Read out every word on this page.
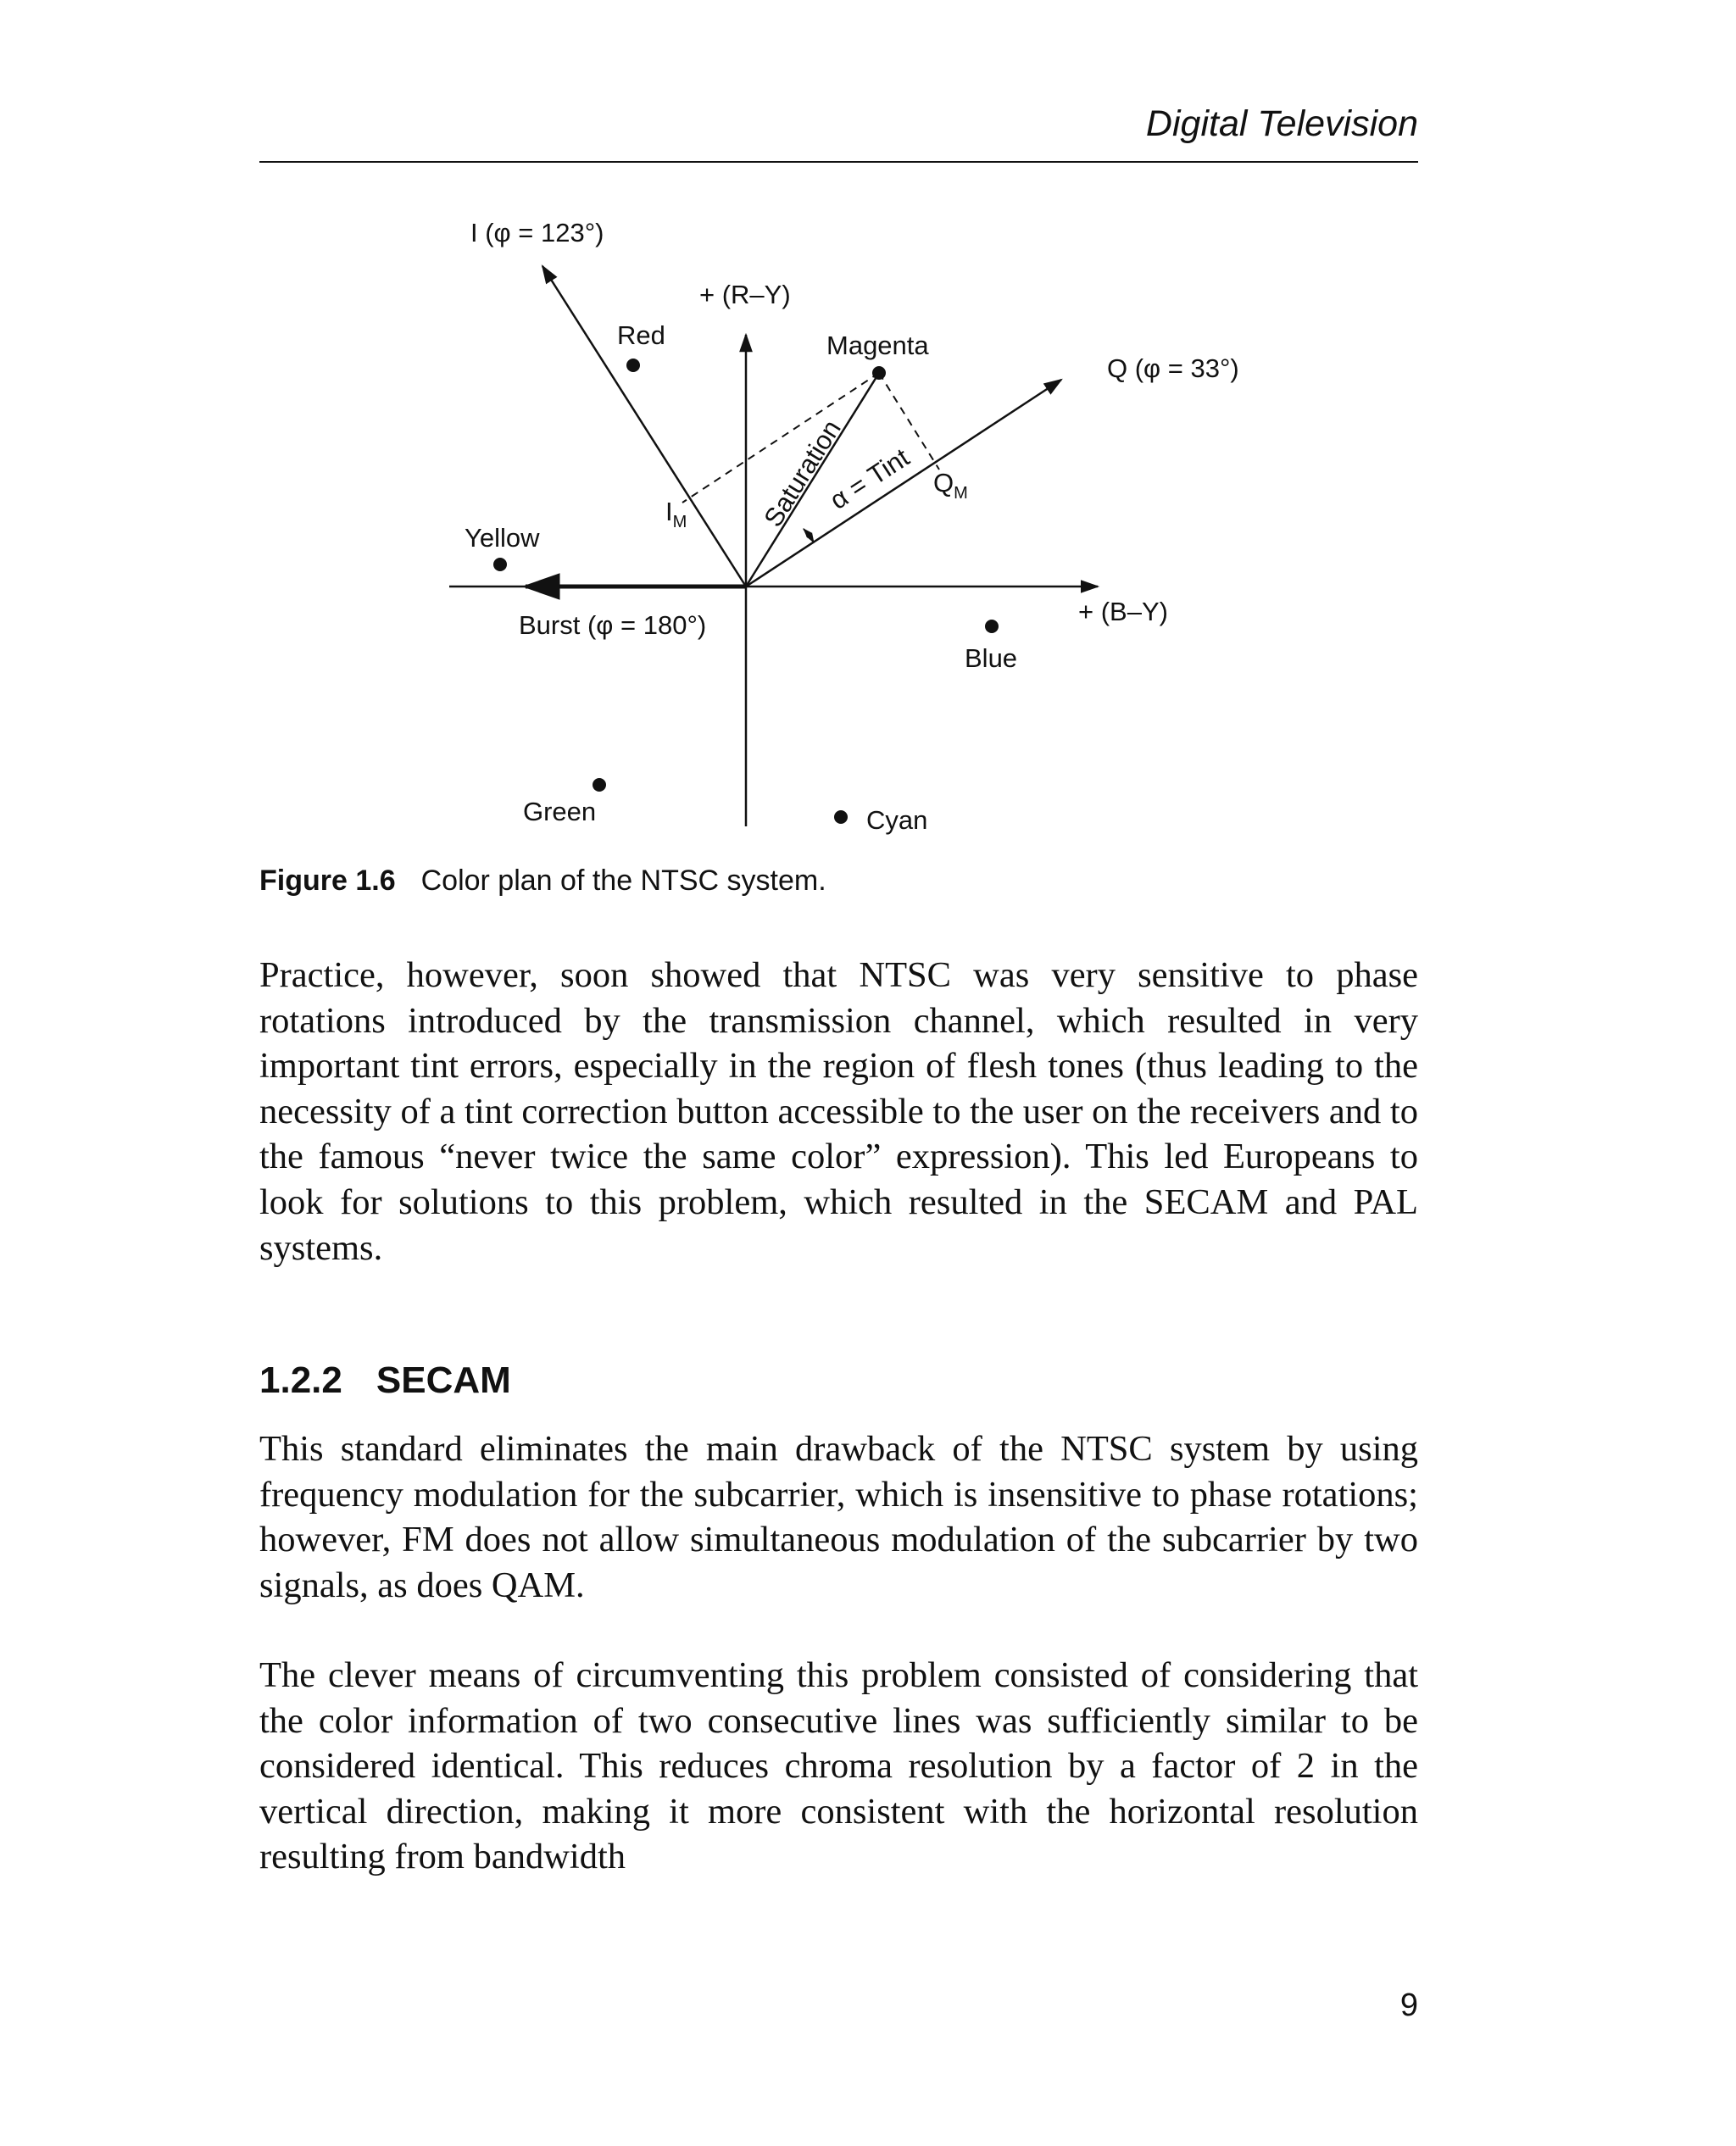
Digital Television
I (φ = 123°)
+ (R–Y)
Q (φ = 33°)
+ (B–Y)
Burst (φ = 180°)
Red	Magenta
Yellow
Blue
Green	Cyan
Saturation
α = Tint
$I_M$
$Q_M$
Figure 1.6 Color plan of the NTSC system.

Practice, however, soon showed that NTSC was very sensitive to phase rotations introduced by the transmission channel, which resulted in very important tint errors, especially in the region of flesh tones (thus leading to the necessity of a tint correction button accessible to the user on the receivers and to the famous “never twice the same color” expression). This led Europeans to look for solutions to this problem, which resulted in the SECAM and PAL systems.

1.2.2 SECAM

This standard eliminates the main drawback of the NTSC system by using frequency modulation for the subcarrier, which is insensitive to phase rotations; however, FM does not allow simultaneous modulation of the subcarrier by two signals, as does QAM.

The clever means of circumventing this problem consisted of considering that the color information of two consecutive lines was sufficiently similar to be considered identical. This reduces chroma resolution by a factor of 2 in the vertical direction, making it more consistent with the horizontal resolution resulting from bandwidth

9
